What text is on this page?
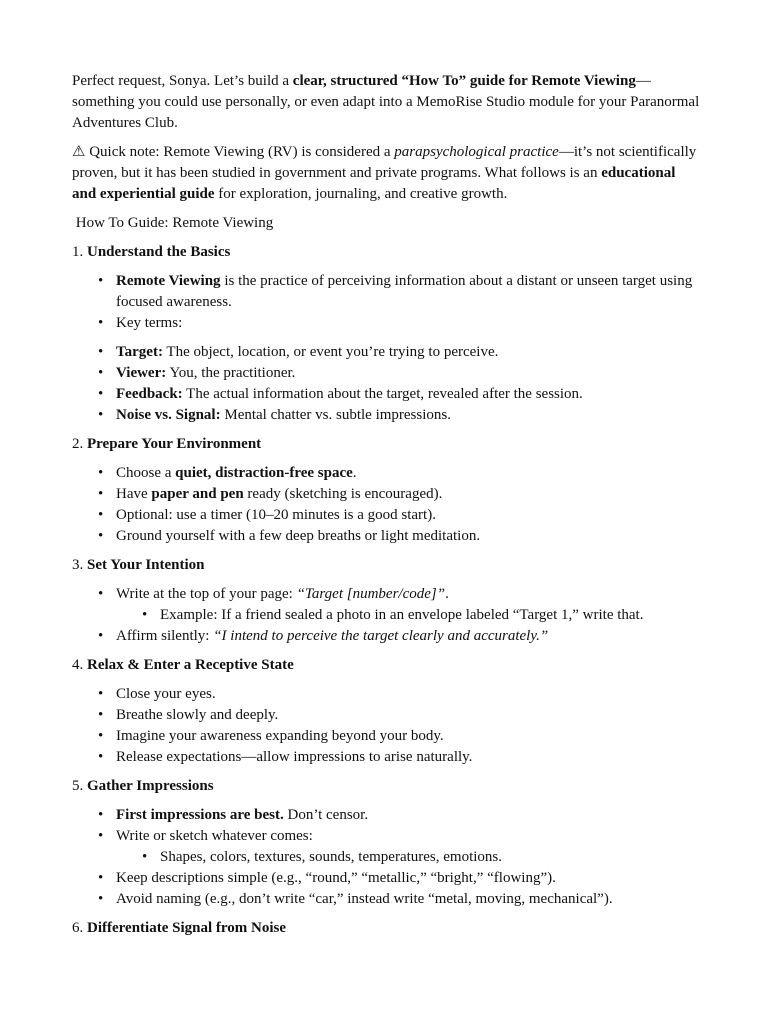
Perfect request, Sonya. Let’s build a clear, structured “How To” guide for Remote Viewing—something you could use personally, or even adapt into a MemoRise Studio module for your Paranormal Adventures Club.

⚠ Quick note: Remote Viewing (RV) is considered a parapsychological practice—it’s not scientifically proven, but it has been studied in government and private programs. What follows is an educational and experiential guide for exploration, journaling, and creative growth.

How To Guide: Remote Viewing

1. Understand the Basics

• Remote Viewing is the practice of perceiving information about a distant or unseen target using focused awareness.
• Key terms:
• Target: The object, location, or event you’re trying to perceive.
• Viewer: You, the practitioner.
• Feedback: The actual information about the target, revealed after the session.
• Noise vs. Signal: Mental chatter vs. subtle impressions.

2. Prepare Your Environment

• Choose a quiet, distraction-free space.
• Have paper and pen ready (sketching is encouraged).
• Optional: use a timer (10–20 minutes is a good start).
• Ground yourself with a few deep breaths or light meditation.

3. Set Your Intention

• Write at the top of your page: “Target [number/code]”.
• Example: If a friend sealed a photo in an envelope labeled “Target 1,” write that.
• Affirm silently: “I intend to perceive the target clearly and accurately.”

4. Relax & Enter a Receptive State

• Close your eyes.
• Breathe slowly and deeply.
• Imagine your awareness expanding beyond your body.
• Release expectations—allow impressions to arise naturally.

5. Gather Impressions

• First impressions are best. Don’t censor.
• Write or sketch whatever comes:
• Shapes, colors, textures, sounds, temperatures, emotions.
• Keep descriptions simple (e.g., “round,” “metallic,” “bright,” “flowing”).
• Avoid naming (e.g., don’t write “car,” instead write “metal, moving, mechanical”).

6. Differentiate Signal from Noise
